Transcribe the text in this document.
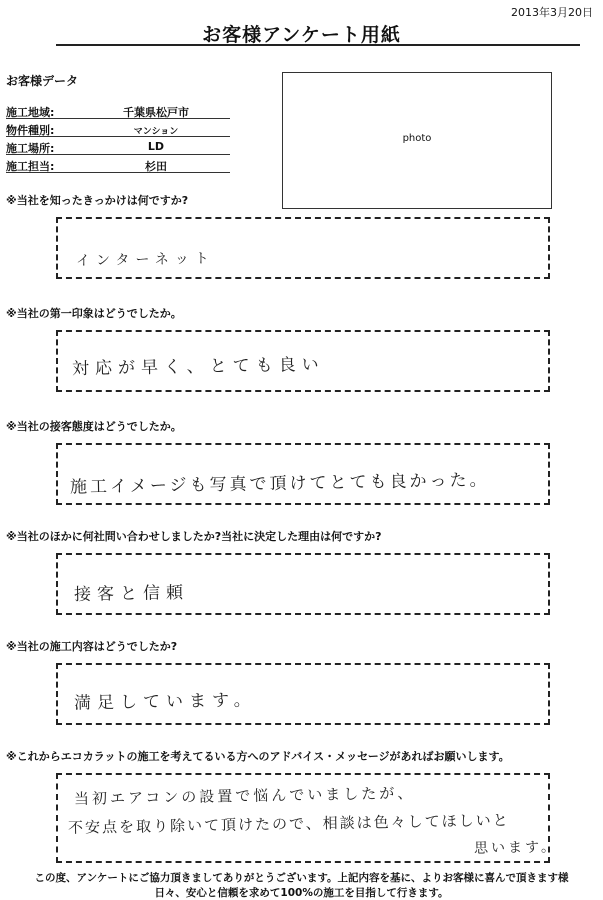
2013年3月20日
お客様アンケート用紙
お客様データ
施工地域:	千葉県松戸市
物件種別:	マンション
施工場所:	LD
施工担当:	杉田
photo
※当社を知ったきっかけは何ですか?
インターネット
※当社の第一印象はどうでしたか。
対応が早く、とても良い
※当社の接客態度はどうでしたか。
施工イメージも写真で頂けてとても良かった。
※当社のほかに何社問い合わせしましたか?当社に決定した理由は何ですか?
接客と信頼
※当社の施工内容はどうでしたか?
満足しています。
※これからエコカラットの施工を考えてるいる方へのアドバイス・メッセージがあればお願いします。
当初エアコンの設置で悩んでいましたが、
不安点を取り除いて頂けたので、相談は色々してほしいと
思います。
この度、アンケートにご協力頂きましてありがとうございます。上記内容を基に、よりお客様に喜んで頂きます様
日々、安心と信頼を求めて100%の施工を目指して行きます。
